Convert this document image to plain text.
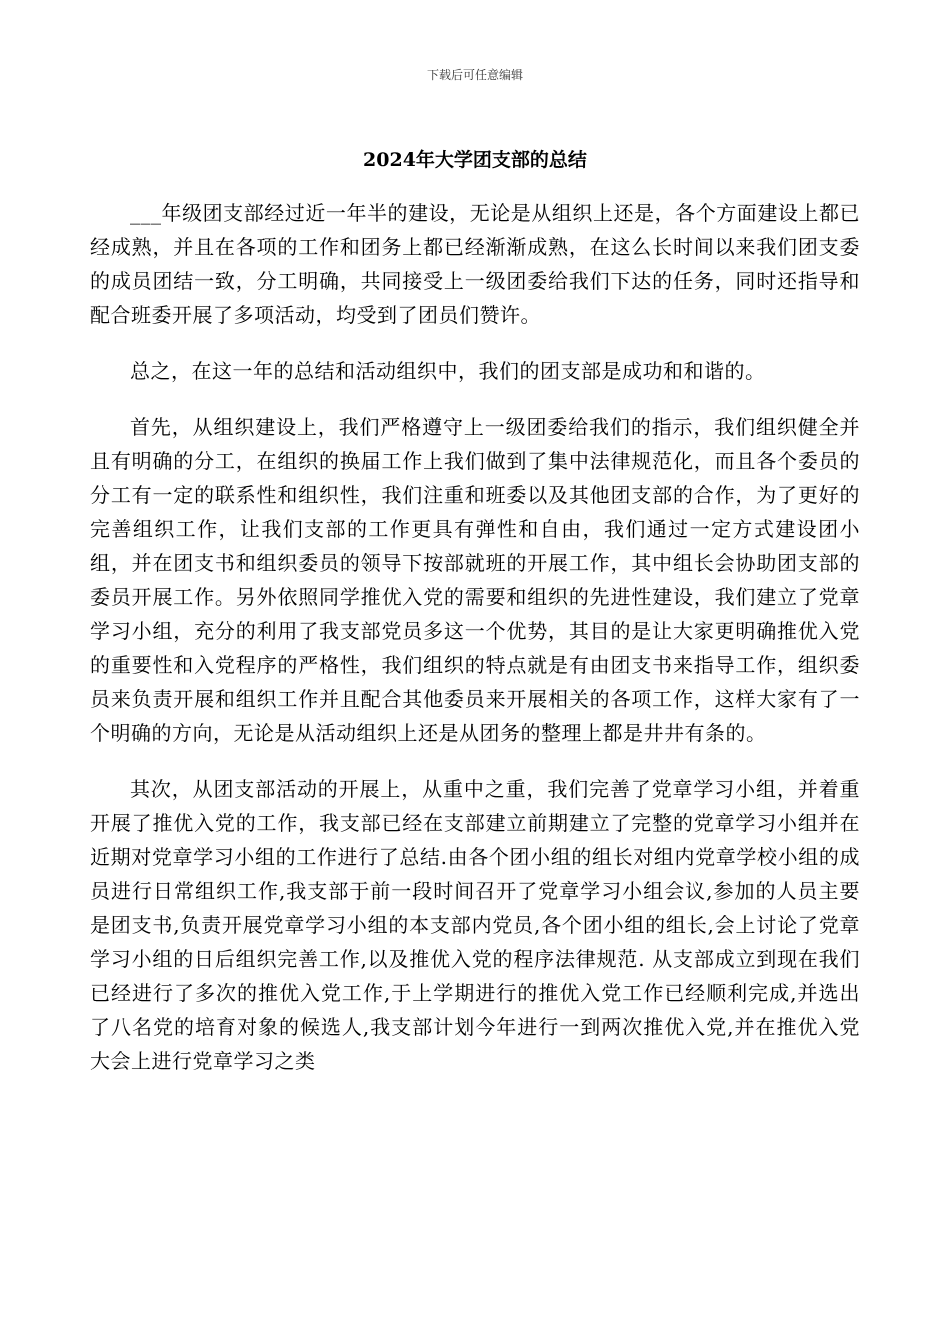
下载后可任意编辑
2024年大学团支部的总结

___年级团支部经过近一年半的建设，无论是从组织上还是，各个方面建设上都已经成熟，并且在各项的工作和团务上都已经渐渐成熟，在这么长时间以来我们团支委的成员团结一致，分工明确，共同接受上一级团委给我们下达的任务，同时还指导和配合班委开展了多项活动，均受到了团员们赞许。

总之，在这一年的总结和活动组织中，我们的团支部是成功和和谐的。

首先，从组织建设上，我们严格遵守上一级团委给我们的指示，我们组织健全并且有明确的分工，在组织的换届工作上我们做到了集中法律规范化，而且各个委员的分工有一定的联系性和组织性，我们注重和班委以及其他团支部的合作，为了更好的完善组织工作，让我们支部的工作更具有弹性和自由，我们通过一定方式建设团小组，并在团支书和组织委员的领导下按部就班的开展工作，其中组长会协助团支部的委员开展工作。另外依照同学推优入党的需要和组织的先进性建设，我们建立了党章学习小组，充分的利用了我支部党员多这一个优势，其目的是让大家更明确推优入党的重要性和入党程序的严格性，我们组织的特点就是有由团支书来指导工作，组织委员来负责开展和组织工作并且配合其他委员来开展相关的各项工作，这样大家有了一个明确的方向，无论是从活动组织上还是从团务的整理上都是井井有条的。

其次，从团支部活动的开展上，从重中之重，我们完善了党章学习小组，并着重开展了推优入党的工作，我支部已经在支部建立前期建立了完整的党章学习小组并在近期对党章学习小组的工作进行了总结.由各个团小组的组长对组内党章学校小组的成员进行日常组织工作,我支部于前一段时间召开了党章学习小组会议,参加的人员主要是团支书,负责开展党章学习小组的本支部内党员,各个团小组的组长,会上讨论了党章学习小组的日后组织完善工作,以及推优入党的程序法律规范. 从支部成立到现在我们已经进行了多次的推优入党工作,于上学期进行的推优入党工作已经顺利完成,并选出了八名党的培育对象的候选人,我支部计划今年进行一到两次推优入党,并在推优入党大会上进行党章学习之类
